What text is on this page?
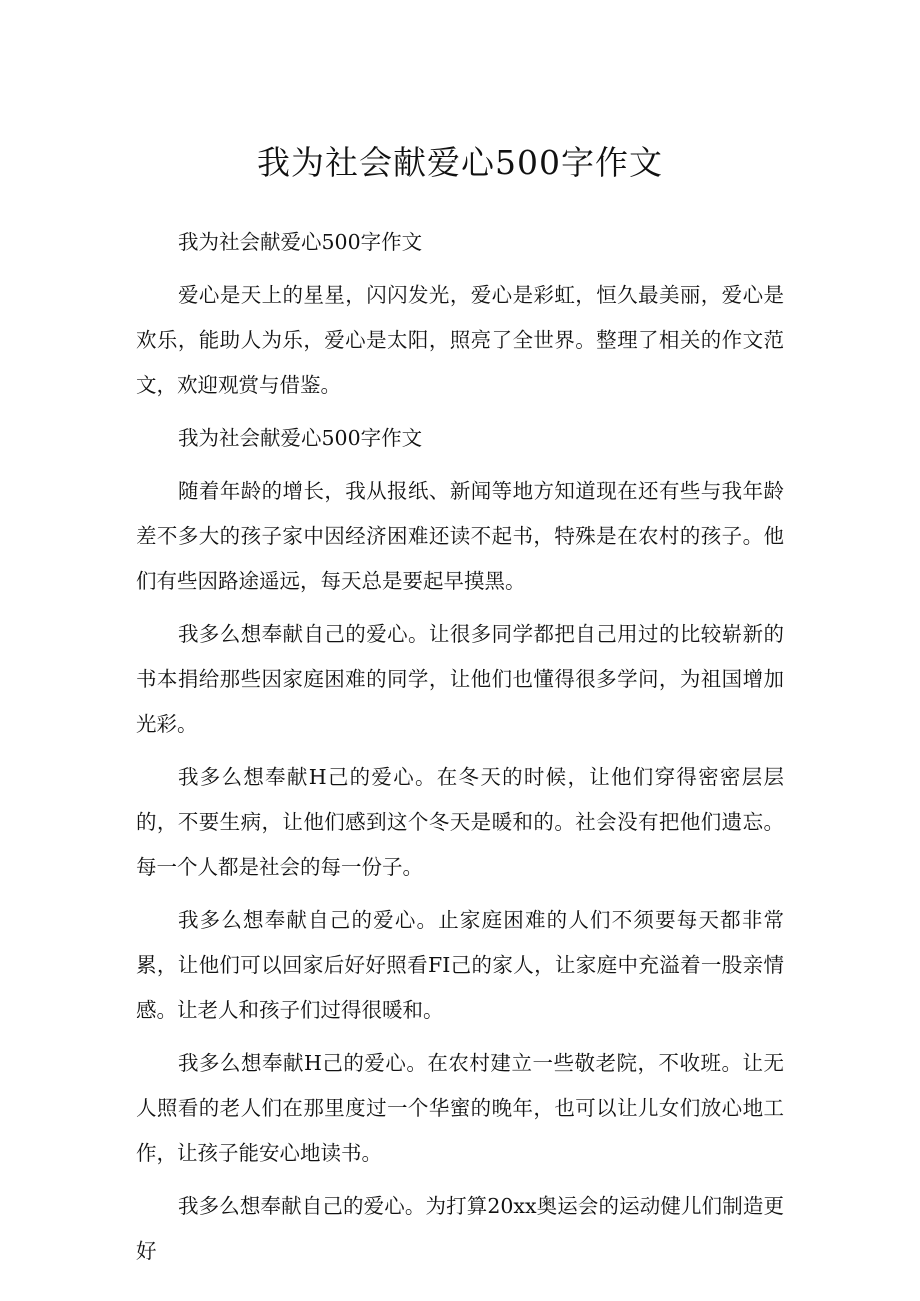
我为社会献爱心500字作文

我为社会献爱心500字作文

爱心是天上的星星，闪闪发光，爱心是彩虹，恒久最美丽，爱心是欢乐，能助人为乐，爱心是太阳，照亮了全世界。整理了相关的作文范文，欢迎观赏与借鉴。

我为社会献爱心500字作文

随着年龄的增长，我从报纸、新闻等地方知道现在还有些与我年龄差不多大的孩子家中因经济困难还读不起书，特殊是在农村的孩子。他们有些因路途遥远，每天总是要起早摸黑。

我多么想奉献自己的爱心。让很多同学都把自己用过的比较崭新的书本捐给那些因家庭困难的同学，让他们也懂得很多学问，为祖国增加光彩。

我多么想奉献H己的爱心。在冬天的时候，让他们穿得密密层层的，不要生病，让他们感到这个冬天是暖和的。社会没有把他们遗忘。每一个人都是社会的每一份子。

我多么想奉献自己的爱心。止家庭困难的人们不须要每天都非常累，让他们可以回家后好好照看FI己的家人，让家庭中充溢着一股亲情感。让老人和孩子们过得很暖和。

我多么想奉献H己的爱心。在农村建立一些敬老院，不收班。让无人照看的老人们在那里度过一个华蜜的晚年，也可以让儿女们放心地工作，让孩子能安心地读书。

我多么想奉献自己的爱心。为打算20xx奥运会的运动健儿们制造更好
